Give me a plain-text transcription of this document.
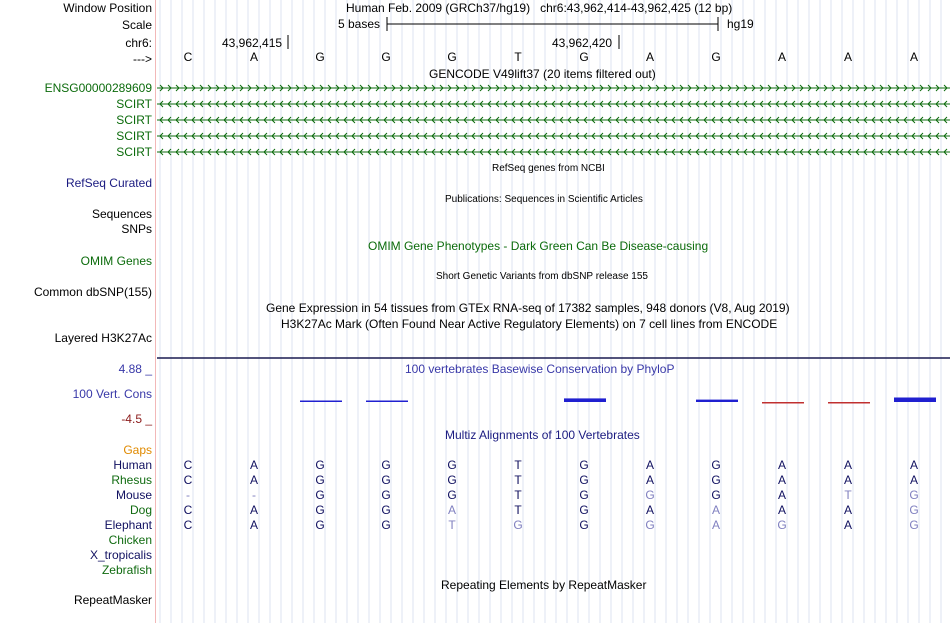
Window Position	Human Feb. 2009 (GRCh37/hg19)   chr6:43,962,414-43,962,425 (12 bp)
Scale	5 bases	hg19
chr6:	43,962,415	43,962,420
--->	C	A	G	G	G	T	G	A	G	A	A	A
GENCODE V49lift37 (20 items filtered out)
ENSG00000289609
SCIRT
SCIRT
SCIRT
SCIRT
RefSeq genes from NCBI
RefSeq Curated
Publications: Sequences in Scientific Articles
Sequences
SNPs
OMIM Gene Phenotypes - Dark Green Can Be Disease-causing
OMIM Genes
Short Genetic Variants from dbSNP release 155
Common dbSNP(155)
Gene Expression in 54 tissues from GTEx RNA-seq of 17382 samples, 948 donors (V8, Aug 2019)
H3K27Ac Mark (Often Found Near Active Regulatory Elements) on 7 cell lines from ENCODE
Layered H3K27Ac
4.88 _	100 vertebrates Basewise Conservation by PhyloP
100 Vert. Cons
-4.5 _
Multiz Alignments of 100 Vertebrates
Gaps
Human	C	A	G	G	G	T	G	A	G	A	A	A
Rhesus	C	A	G	G	G	T	G	A	G	A	A	A
Mouse	-	-	G	G	G	T	G	G	G	A	T	G
Dog	C	A	G	G	A	T	G	A	A	A	A	G
Elephant	C	A	G	G	T	G	G	G	A	G	A	G
Chicken
X_tropicalis
Zebrafish
Repeating Elements by RepeatMasker
RepeatMasker
